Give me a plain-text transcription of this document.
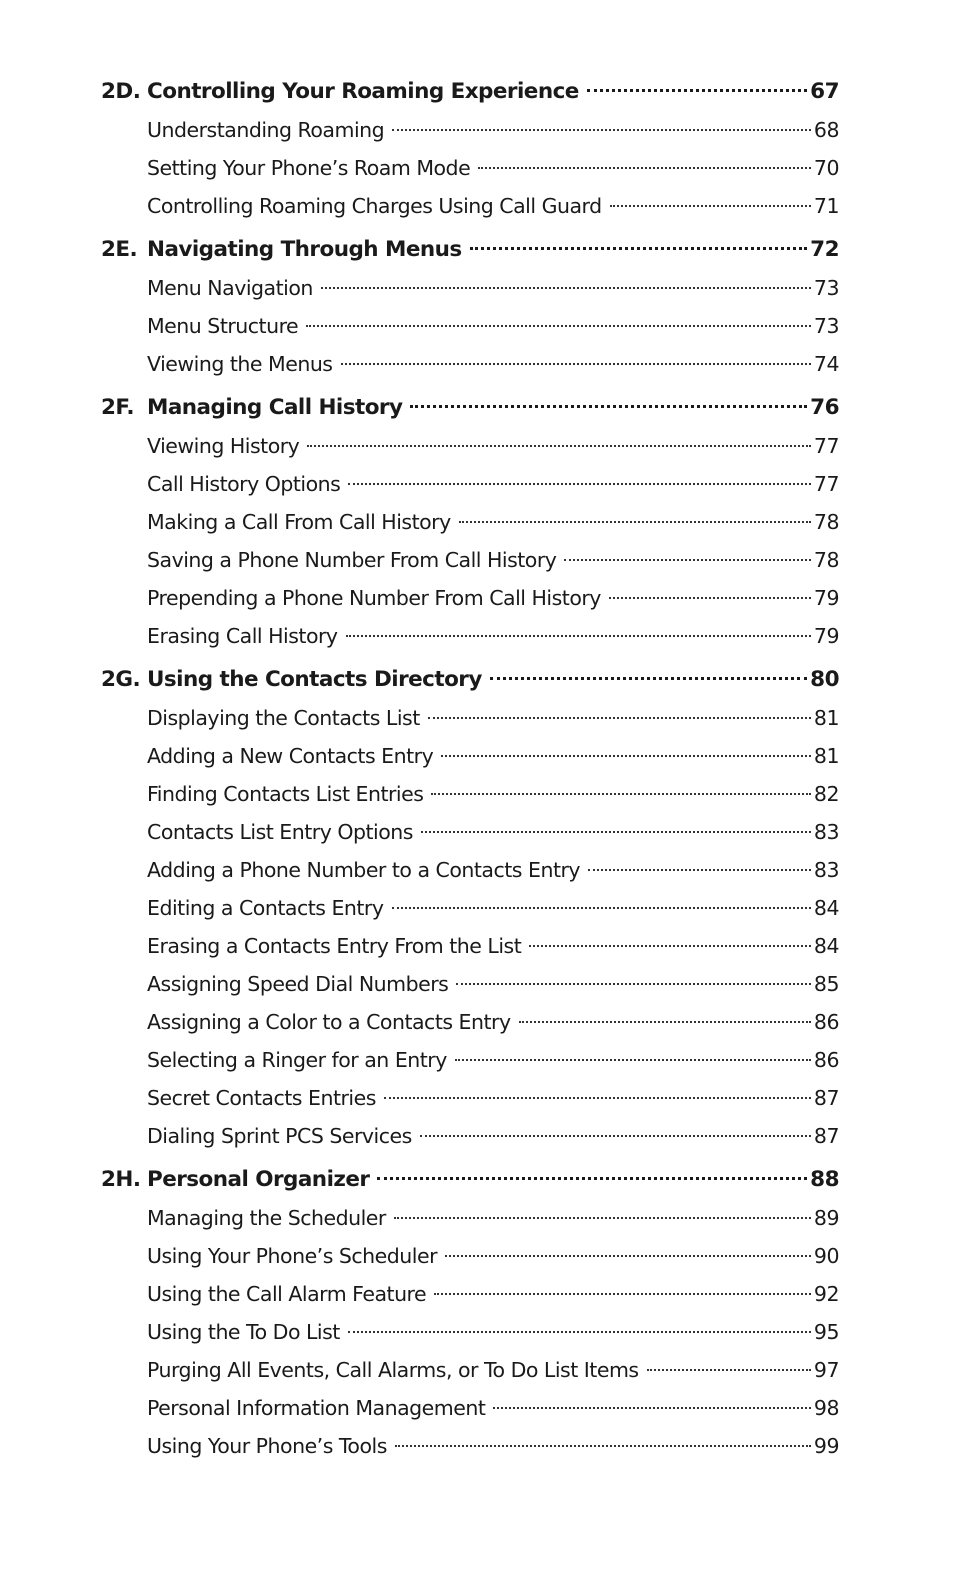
2D. Controlling Your Roaming Experience	67
Understanding Roaming	68
Setting Your Phone’s Roam Mode	70
Controlling Roaming Charges Using Call Guard	71
2E. Navigating Through Menus	72
Menu Navigation	73
Menu Structure	73
Viewing the Menus	74
2F. Managing Call History	76
Viewing History	77
Call History Options	77
Making a Call From Call History	78
Saving a Phone Number From Call History	78
Prepending a Phone Number From Call History	79
Erasing Call History	79
2G. Using the Contacts Directory	80
Displaying the Contacts List	81
Adding a New Contacts Entry	81
Finding Contacts List Entries	82
Contacts List Entry Options	83
Adding a Phone Number to a Contacts Entry	83
Editing a Contacts Entry	84
Erasing a Contacts Entry From the List	84
Assigning Speed Dial Numbers	85
Assigning a Color to a Contacts Entry	86
Selecting a Ringer for an Entry	86
Secret Contacts Entries	87
Dialing Sprint PCS Services	87
2H. Personal Organizer	88
Managing the Scheduler	89
Using Your Phone’s Scheduler	90
Using the Call Alarm Feature	92
Using the To Do List	95
Purging All Events, Call Alarms, or To Do List Items	97
Personal Information Management	98
Using Your Phone’s Tools	99
